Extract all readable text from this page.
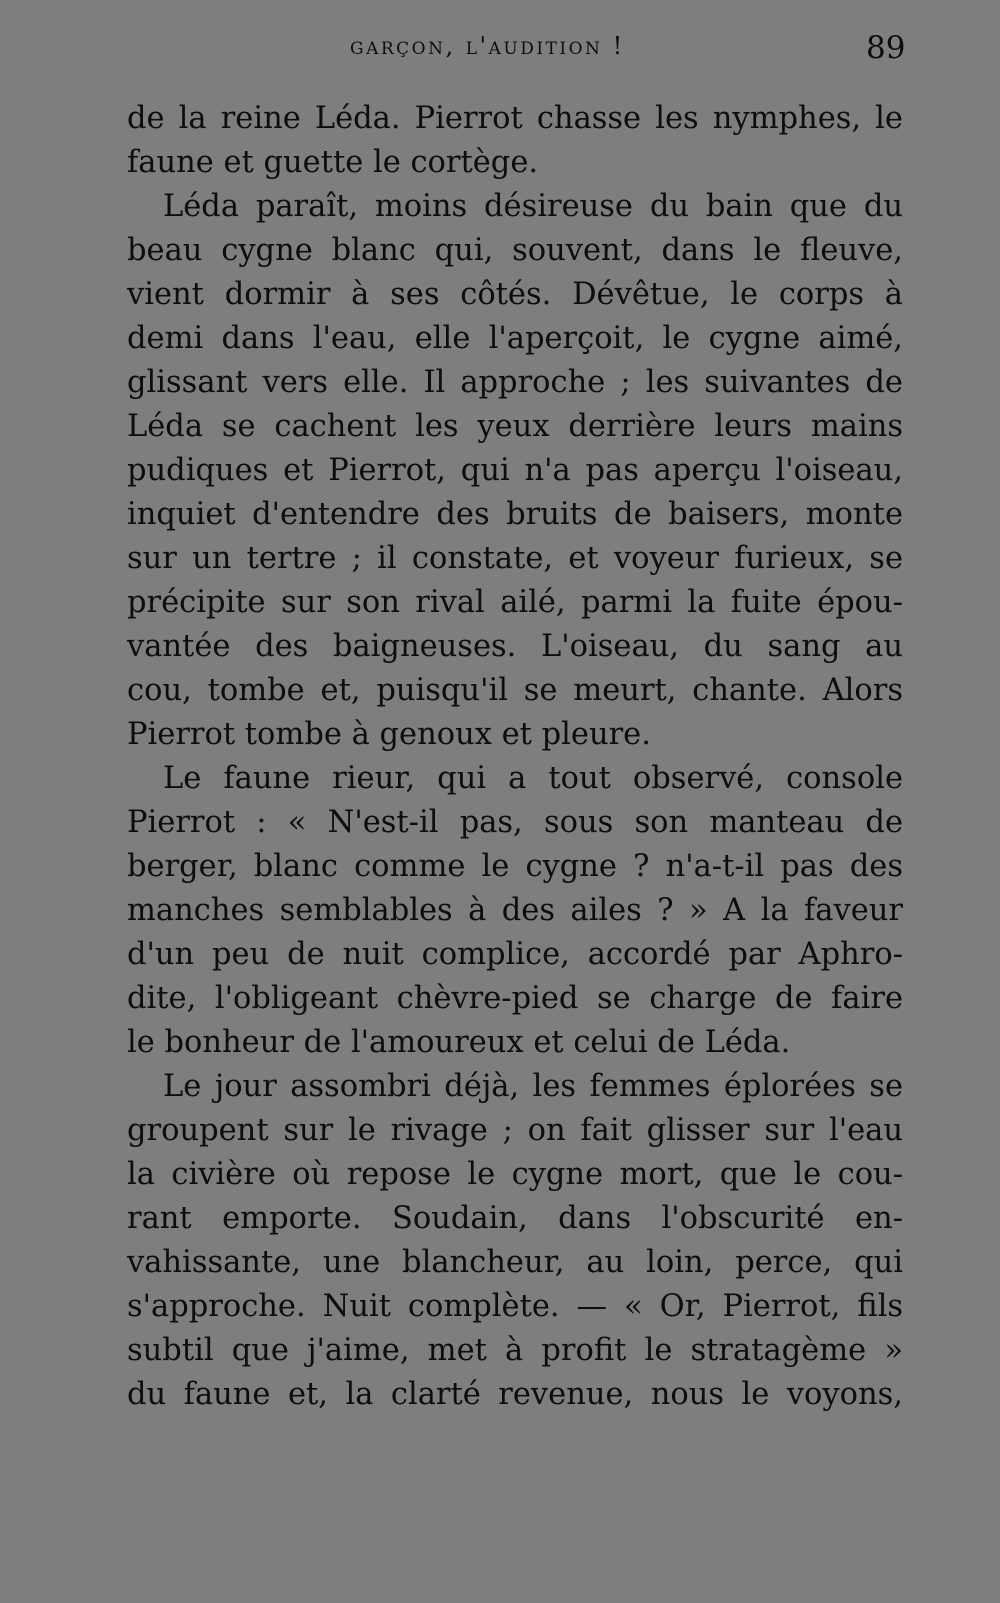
garçon, l'audition !	89
de la reine Léda. Pierrot chasse les nymphes, le
faune et guette le cortège.
Léda paraît, moins désireuse du bain que du
beau cygne blanc qui, souvent, dans le fleuve,
vient dormir à ses côtés. Dévêtue, le corps à
demi dans l'eau, elle l'aperçoit, le cygne aimé,
glissant vers elle. Il approche ; les suivantes de
Léda se cachent les yeux derrière leurs mains
pudiques et Pierrot, qui n'a pas aperçu l'oiseau,
inquiet d'entendre des bruits de baisers, monte
sur un tertre ; il constate, et voyeur furieux, se
précipite sur son rival ailé, parmi la fuite épou-
vantée des baigneuses. L'oiseau, du sang au
cou, tombe et, puisqu'il se meurt, chante. Alors
Pierrot tombe à genoux et pleure.
Le faune rieur, qui a tout observé, console
Pierrot : « N'est-il pas, sous son manteau de
berger, blanc comme le cygne ? n'a-t-il pas des
manches semblables à des ailes ? » A la faveur
d'un peu de nuit complice, accordé par Aphro-
dite, l'obligeant chèvre-pied se charge de faire
le bonheur de l'amoureux et celui de Léda.
Le jour assombri déjà, les femmes éplorées se
groupent sur le rivage ; on fait glisser sur l'eau
la civière où repose le cygne mort, que le cou-
rant emporte. Soudain, dans l'obscurité en-
vahissante, une blancheur, au loin, perce, qui
s'approche. Nuit complète. — « Or, Pierrot, fils
subtil que j'aime, met à profit le stratagème »
du faune et, la clarté revenue, nous le voyons,
